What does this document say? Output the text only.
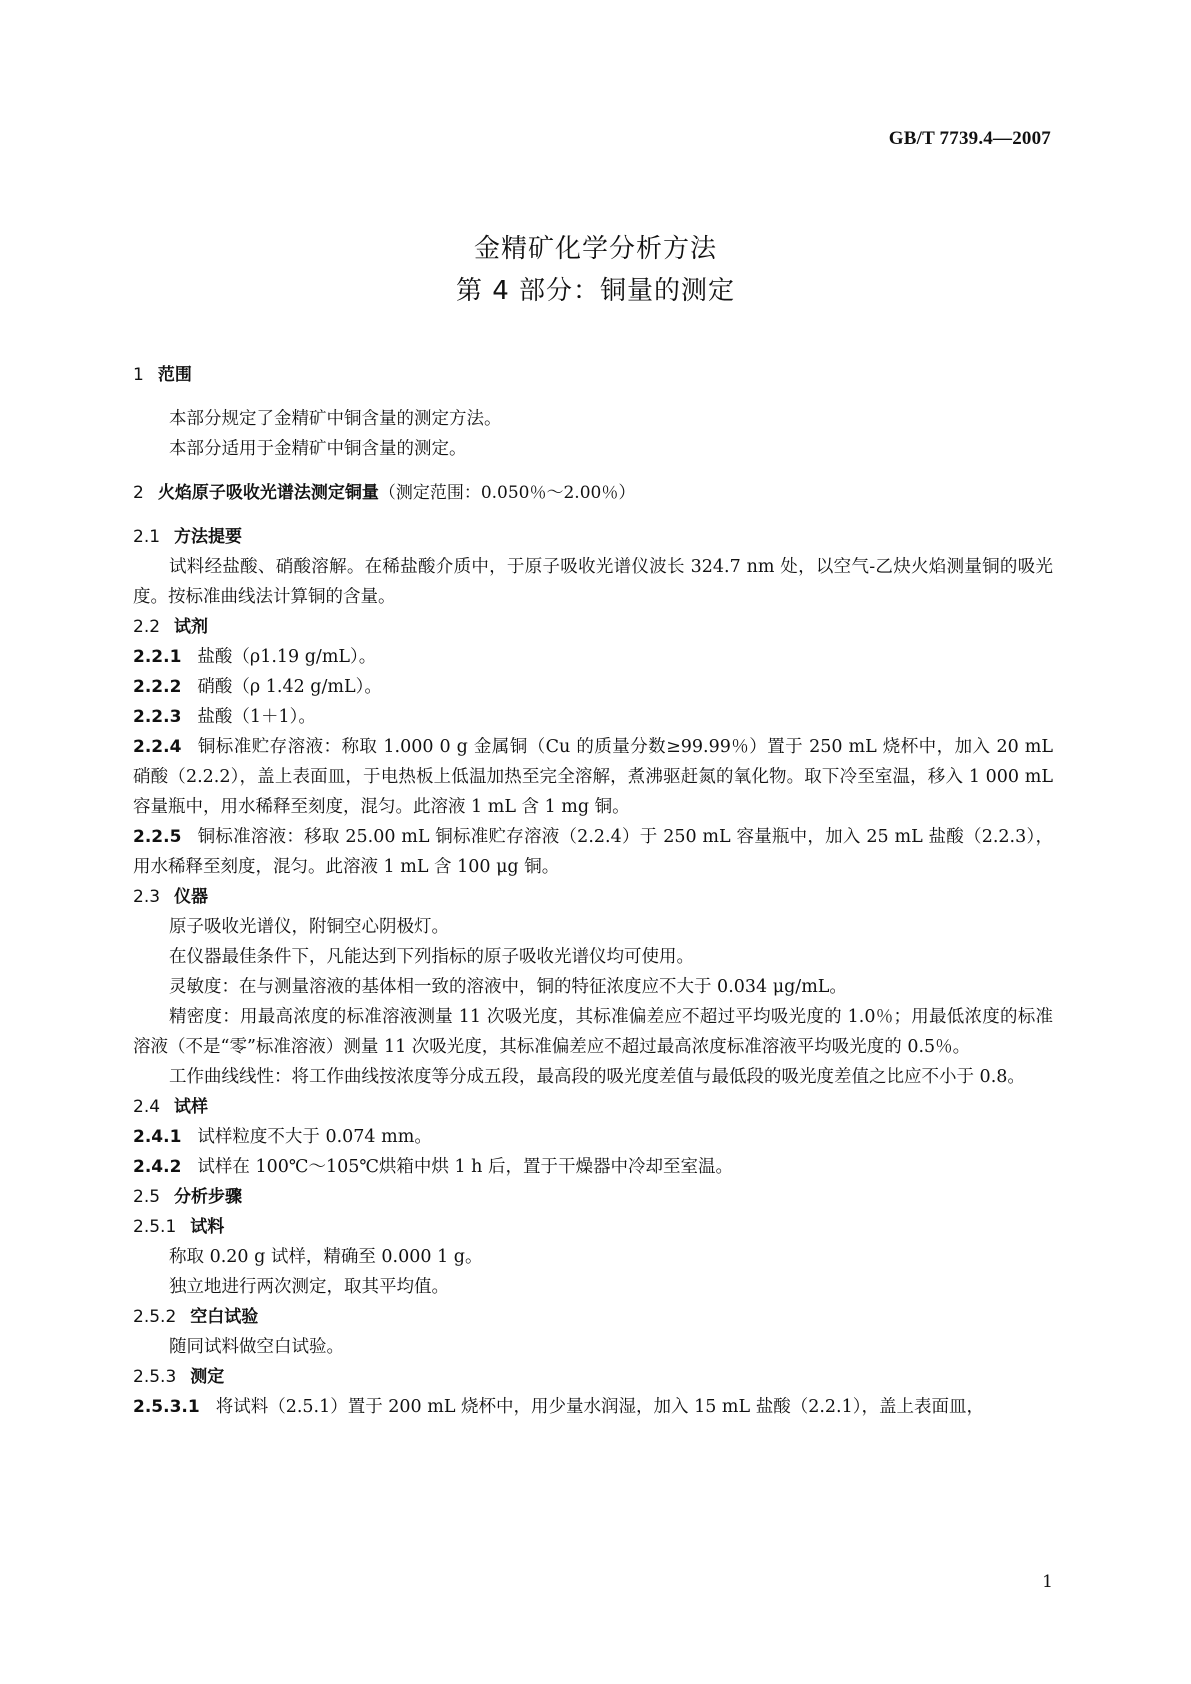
GB/T 7739.4—2007
金精矿化学分析方法
第 4 部分：铜量的测定
1 范围
本部分规定了金精矿中铜含量的测定方法。
本部分适用于金精矿中铜含量的测定。
2 火焰原子吸收光谱法测定铜量（测定范围：0.050％～2.00％）
2.1 方法提要
试料经盐酸、硝酸溶解。在稀盐酸介质中，于原子吸收光谱仪波长 324.7 nm 处，以空气-乙炔火焰测量铜的吸光度。按标准曲线法计算铜的含量。
2.2 试剂
2.2.1 盐酸（ρ1.19 g/mL）。
2.2.2 硝酸（ρ 1.42 g/mL）。
2.2.3 盐酸（1＋1）。
2.2.4 铜标准贮存溶液：称取 1.000 0 g 金属铜（Cu 的质量分数≥99.99％）置于 250 mL 烧杯中，加入 20 mL 硝酸（2.2.2），盖上表面皿，于电热板上低温加热至完全溶解，煮沸驱赶氮的氧化物。取下冷至室温，移入 1 000 mL 容量瓶中，用水稀释至刻度，混匀。此溶液 1 mL 含 1 mg 铜。
2.2.5 铜标准溶液：移取 25.00 mL 铜标准贮存溶液（2.2.4）于 250 mL 容量瓶中，加入 25 mL 盐酸（2.2.3），用水稀释至刻度，混匀。此溶液 1 mL 含 100 μg 铜。
2.3 仪器
原子吸收光谱仪，附铜空心阴极灯。
在仪器最佳条件下，凡能达到下列指标的原子吸收光谱仪均可使用。
灵敏度：在与测量溶液的基体相一致的溶液中，铜的特征浓度应不大于 0.034 μg/mL。
精密度：用最高浓度的标准溶液测量 11 次吸光度，其标准偏差应不超过平均吸光度的 1.0％；用最低浓度的标准溶液（不是“零”标准溶液）测量 11 次吸光度，其标准偏差应不超过最高浓度标准溶液平均吸光度的 0.5％。
工作曲线线性：将工作曲线按浓度等分成五段，最高段的吸光度差值与最低段的吸光度差值之比应不小于 0.8。
2.4 试样
2.4.1 试样粒度不大于 0.074 mm。
2.4.2 试样在 100℃～105℃烘箱中烘 1 h 后，置于干燥器中冷却至室温。
2.5 分析步骤
2.5.1 试料
称取 0.20 g 试样，精确至 0.000 1 g。
独立地进行两次测定，取其平均值。
2.5.2 空白试验
随同试料做空白试验。
2.5.3 测定
2.5.3.1 将试料（2.5.1）置于 200 mL 烧杯中，用少量水润湿，加入 15 mL 盐酸（2.2.1），盖上表面皿，
1
